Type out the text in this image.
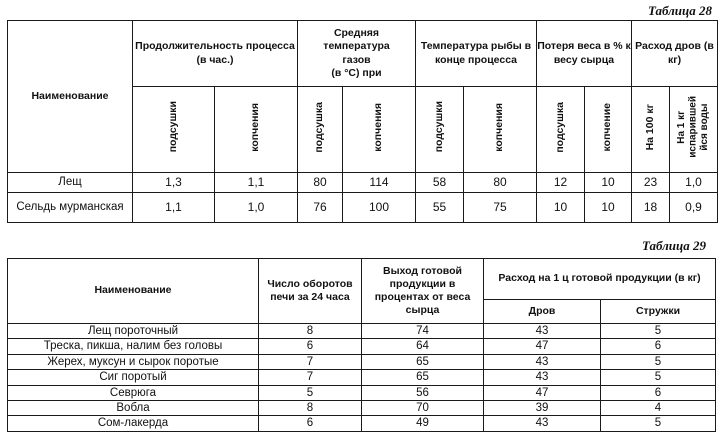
Таблица 28
Наименование	Продолжительность процесса (в час.)		Средняя
температура
газов
(в °C) при		Температура рыбы в конце процесса		Потеря веса в % к весу сырца		Расход дров (в кг)	
	подсушки	копчения	подсушка	копчения	подсушки	копчения	подсушка	копчение	На 100 кг	На 1 кг
испарившей
йся воды
Лещ	1,3	1,1	80	114	58	80	12	10	23	1,0
Сельдь мурманская	1,1	1,0	76	100	55	75	10	10	18	0,9
Таблица 29
Наименование	Число оборотов печи за 24 часа	Выход готовой продукции в процентах от веса сырца	Расход на 1 ц готовой продукции (в кг)	
			Дров	Стружки
Лещ пороточный	8	74	43	5
Треска, пикша, налим без головы	6	64	47	6
Жерех, муксун и сырок поротые	7	65	43	5
Сиг поротый	7	65	43	5
Севрюга	5	56	47	6
Вобла	8	70	39	4
Сом-лакерда	6	49	43	5
